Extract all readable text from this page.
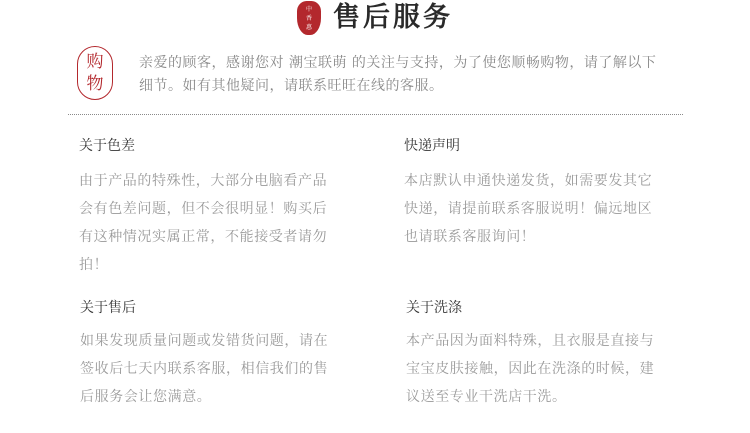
中
香
惠 售后服务
购
物
亲爱的顾客，感谢您对 潮宝联萌 的关注与支持，为了使您顺畅购物，请了解以下细节。如有其他疑问，请联系旺旺在线的客服。
关于色差

由于产品的特殊性，大部分电脑看产品会有色差问题，但不会很明显！购买后有这种情况实属正常，不能接受者请勿拍！

快递声明

本店默认申通快递发货，如需要发其它快递，请提前联系客服说明！偏远地区也请联系客服询问！

关于售后

如果发现质量问题或发错货问题，请在签收后七天内联系客服，相信我们的售后服务会让您满意。

关于洗涤

本产品因为面料特殊，且衣服是直接与宝宝皮肤接触，因此在洗涤的时候，建议送至专业干洗店干洗。
